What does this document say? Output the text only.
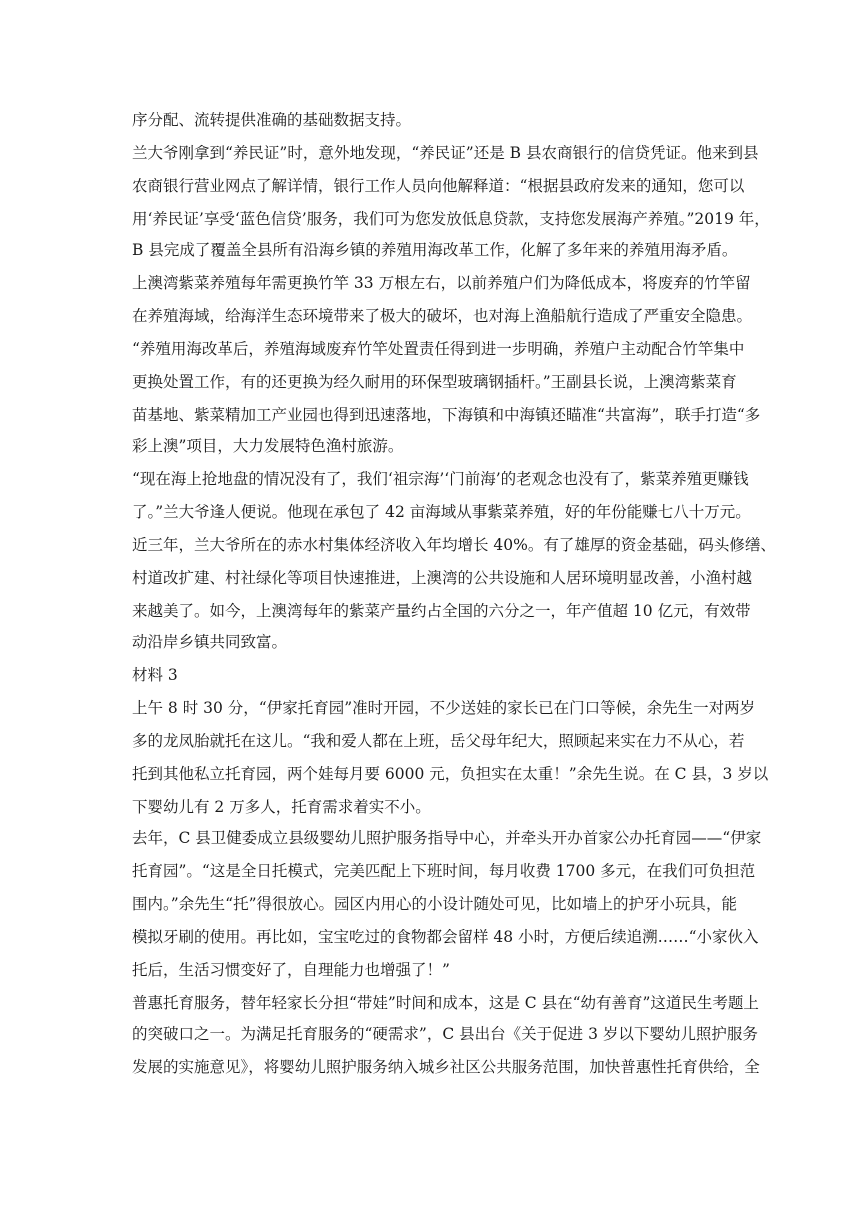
序分配、流转提供准确的基础数据支持。
兰大爷刚拿到“养民证”时，意外地发现，“养民证”还是 B 县农商银行的信贷凭证。他来到县
农商银行营业网点了解详情，银行工作人员向他解释道：“根据县政府发来的通知，您可以
用‘养民证’享受‘蓝色信贷’服务，我们可为您发放低息贷款，支持您发展海产养殖。”2019 年，
B 县完成了覆盖全县所有沿海乡镇的养殖用海改革工作，化解了多年来的养殖用海矛盾。
上澳湾紫菜养殖每年需更换竹竿 33 万根左右，以前养殖户们为降低成本，将废弃的竹竿留
在养殖海域，给海洋生态环境带来了极大的破坏，也对海上渔船航行造成了严重安全隐患。
“养殖用海改革后，养殖海域废弃竹竿处置责任得到进一步明确，养殖户主动配合竹竿集中
更换处置工作，有的还更换为经久耐用的环保型玻璃钢插杆。”王副县长说，上澳湾紫菜育
苗基地、紫菜精加工产业园也得到迅速落地，下海镇和中海镇还瞄准“共富海”，联手打造“多
彩上澳”项目，大力发展特色渔村旅游。
“现在海上抢地盘的情况没有了，我们‘祖宗海’‘门前海’的老观念也没有了，紫菜养殖更赚钱
了。”兰大爷逢人便说。他现在承包了 42 亩海域从事紫菜养殖，好的年份能赚七八十万元。
近三年，兰大爷所在的赤水村集体经济收入年均增长 40%。有了雄厚的资金基础，码头修缮、
村道改扩建、村社绿化等项目快速推进，上澳湾的公共设施和人居环境明显改善，小渔村越
来越美了。如今，上澳湾每年的紫菜产量约占全国的六分之一，年产值超 10 亿元，有效带
动沿岸乡镇共同致富。
材料 3
上午 8 时 30 分，“伊家托育园”准时开园，不少送娃的家长已在门口等候，余先生一对两岁
多的龙凤胎就托在这儿。“我和爱人都在上班，岳父母年纪大，照顾起来实在力不从心，若
托到其他私立托育园，两个娃每月要 6000 元，负担实在太重！”余先生说。在 C 县，3 岁以
下婴幼儿有 2 万多人，托育需求着实不小。
去年，C 县卫健委成立县级婴幼儿照护服务指导中心，并牵头开办首家公办托育园——“伊家
托育园”。“这是全日托模式，完美匹配上下班时间，每月收费 1700 多元，在我们可负担范
围内。”余先生“托”得很放心。园区内用心的小设计随处可见，比如墙上的护牙小玩具，能
模拟牙刷的使用。再比如，宝宝吃过的食物都会留样 48 小时，方便后续追溯……“小家伙入
托后，生活习惯变好了，自理能力也增强了！”
普惠托育服务，替年轻家长分担“带娃”时间和成本，这是 C 县在“幼有善育”这道民生考题上
的突破口之一。为满足托育服务的“硬需求”，C 县出台《关于促进 3 岁以下婴幼儿照护服务
发展的实施意见》，将婴幼儿照护服务纳入城乡社区公共服务范围，加快普惠性托育供给，全
